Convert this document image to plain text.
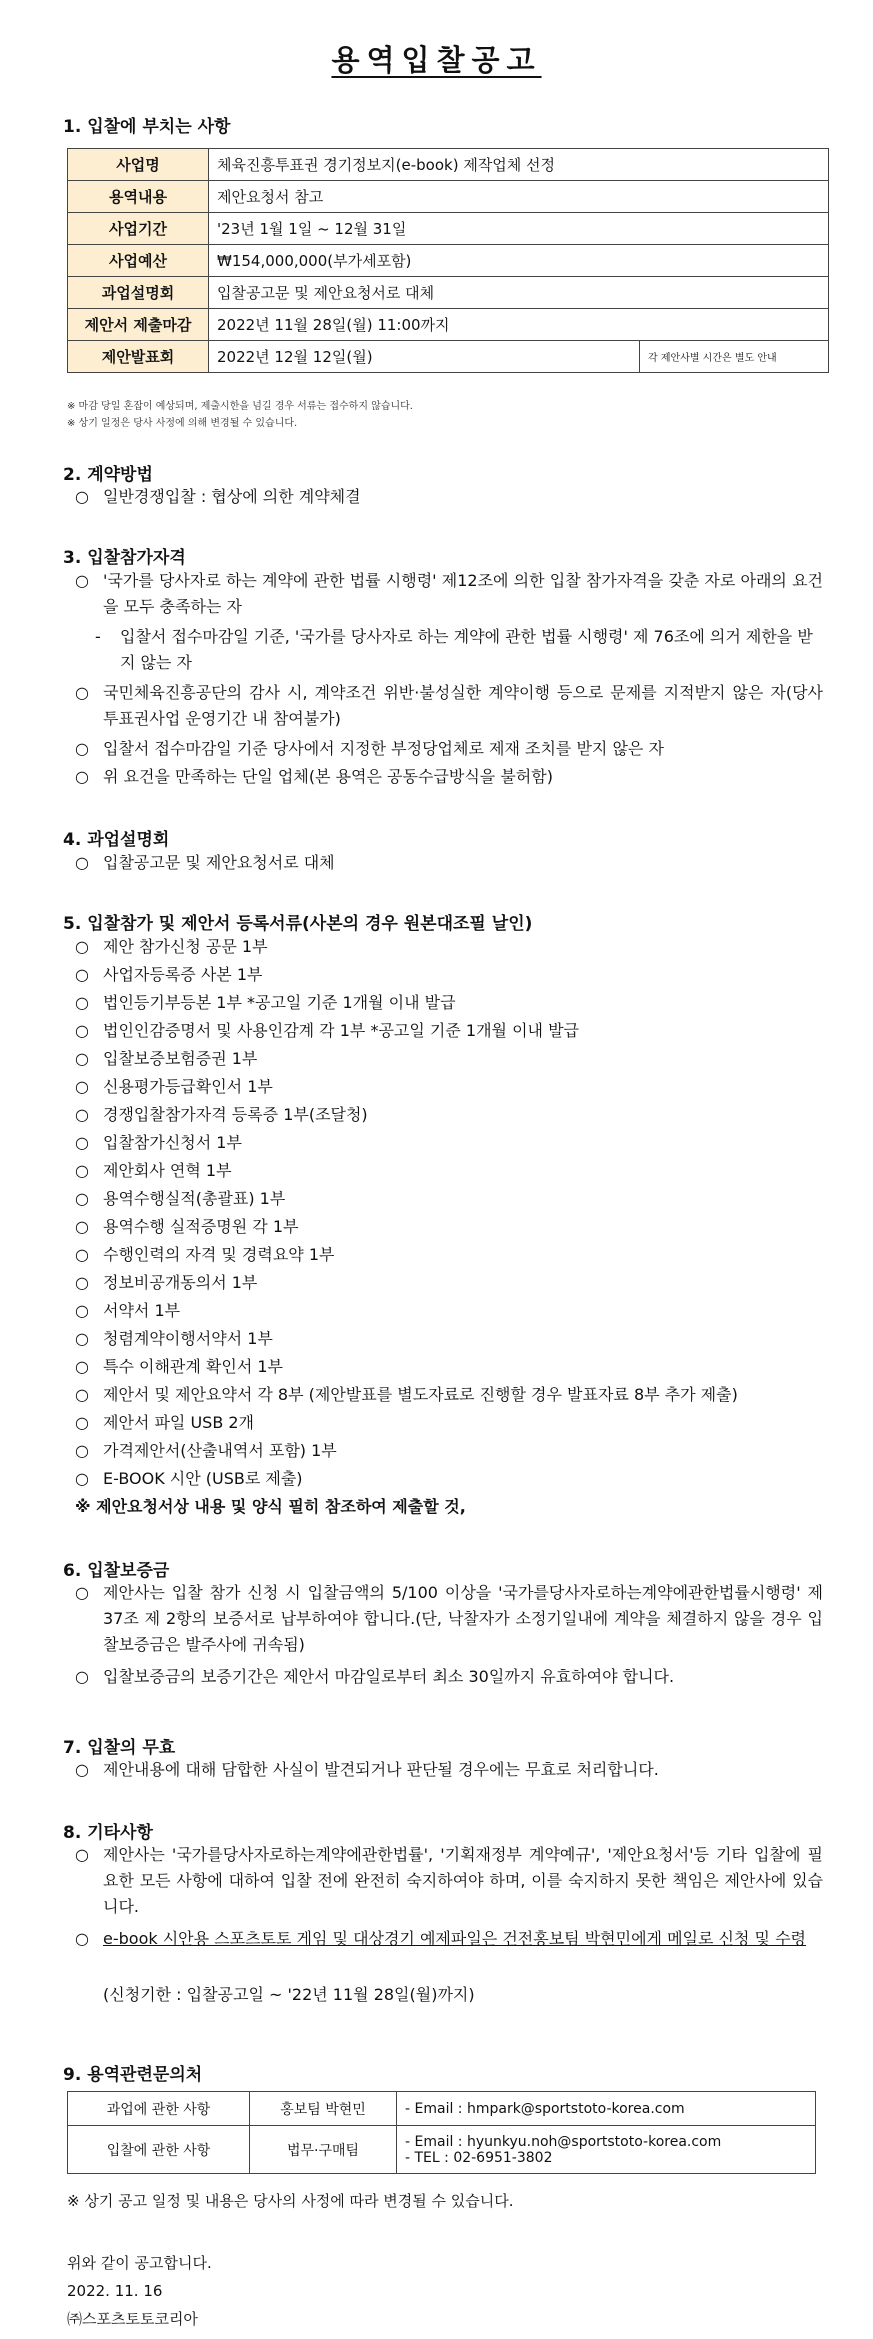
용역입찰공고
1. 입찰에 부치는 사항
사업명	체육진흥투표권 경기정보지(e-book) 제작업체 선정	
용역내용	제안요청서 참고	
사업기간	'23년 1월 1일 ~ 12월 31일	
사업예산	₩154,000,000(부가세포함)	
과업설명회	입찰공고문 및 제안요청서로 대체	
제안서 제출마감	2022년 11월 28일(월) 11:00까지	
제안발표회	2022년 12월 12일(월)	각 제안사별 시간은 별도 안내
※ 마감 당일 혼잡이 예상되며, 제출시한을 넘길 경우 서류는 접수하지 않습니다.
※ 상기 일정은 당사 사정에 의해 변경될 수 있습니다.
2. 계약방법
○ 일반경쟁입찰 : 협상에 의한 계약체결
3. 입찰참가자격
○ '국가를 당사자로 하는 계약에 관한 법률 시행령' 제12조에 의한 입찰 참가자격을 갖춘 자로 아래의 요건을 모두 충족하는 자
- 입찰서 접수마감일 기준, '국가를 당사자로 하는 계약에 관한 법률 시행령' 제 76조에 의거 제한을 받지 않는 자
○ 국민체육진흥공단의 감사 시, 계약조건 위반·불성실한 계약이행 등으로 문제를 지적받지 않은 자(당사 투표권사업 운영기간 내 참여불가)
○ 입찰서 접수마감일 기준 당사에서 지정한 부정당업체로 제재 조치를 받지 않은 자
○ 위 요건을 만족하는 단일 업체(본 용역은 공동수급방식을 불허함)
4. 과업설명회
○ 입찰공고문 및 제안요청서로 대체
5. 입찰참가 및 제안서 등록서류(사본의 경우 원본대조필 날인)
○ 제안 참가신청 공문 1부
○ 사업자등록증 사본 1부
○ 법인등기부등본 1부 *공고일 기준 1개월 이내 발급
○ 법인인감증명서 및 사용인감계 각 1부 *공고일 기준 1개월 이내 발급
○ 입찰보증보험증권 1부
○ 신용평가등급확인서 1부
○ 경쟁입찰참가자격 등록증 1부(조달청)
○ 입찰참가신청서 1부
○ 제안회사 연혁 1부
○ 용역수행실적(총괄표) 1부
○ 용역수행 실적증명원 각 1부
○ 수행인력의 자격 및 경력요약 1부
○ 정보비공개동의서 1부
○ 서약서 1부
○ 청렴계약이행서약서 1부
○ 특수 이해관계 확인서 1부
○ 제안서 및 제안요약서 각 8부 (제안발표를 별도자료로 진행할 경우 발표자료 8부 추가 제출)
○ 제안서 파일 USB 2개
○ 가격제안서(산출내역서 포함) 1부
○ E-BOOK 시안 (USB로 제출)
※ 제안요청서상 내용 및 양식 필히 참조하여 제출할 것,
6. 입찰보증금
○ 제안사는 입찰 참가 신청 시 입찰금액의 5/100 이상을 '국가를당사자로하는계약에관한법률시행령' 제 37조 제 2항의 보증서로 납부하여야 합니다.(단, 낙찰자가 소정기일내에 계약을 체결하지 않을 경우 입찰보증금은 발주사에 귀속됨)
○ 입찰보증금의 보증기간은 제안서 마감일로부터 최소 30일까지 유효하여야 합니다.
7. 입찰의 무효
○ 제안내용에 대해 담합한 사실이 발견되거나 판단될 경우에는 무효로 처리합니다.
8. 기타사항
○ 제안사는 '국가를당사자로하는계약에관한법률', '기획재정부 계약예규', '제안요청서'등 기타 입찰에 필요한 모든 사항에 대하여 입찰 전에 완전히 숙지하여야 하며, 이를 숙지하지 못한 책임은 제안사에 있습니다.
○ e-book 시안용 스포츠토토 게임 및 대상경기 예제파일은 건전홍보팀 박현민에게 메일로 신청 및 수령
(신청기한 : 입찰공고일 ~ '22년 11월 28일(월)까지)
9. 용역관련문의처
과업에 관한 사항	홍보팀 박현민	- Email : hmpark@sportstoto-korea.com
입찰에 관한 사항	법무·구매팀	- Email : hyunkyu.noh@sportstoto-korea.com
- TEL : 02-6951-3802
※ 상기 공고 일정 및 내용은 당사의 사정에 따라 변경될 수 있습니다.
위와 같이 공고합니다.
2022. 11. 16
㈜스포츠토토코리아
